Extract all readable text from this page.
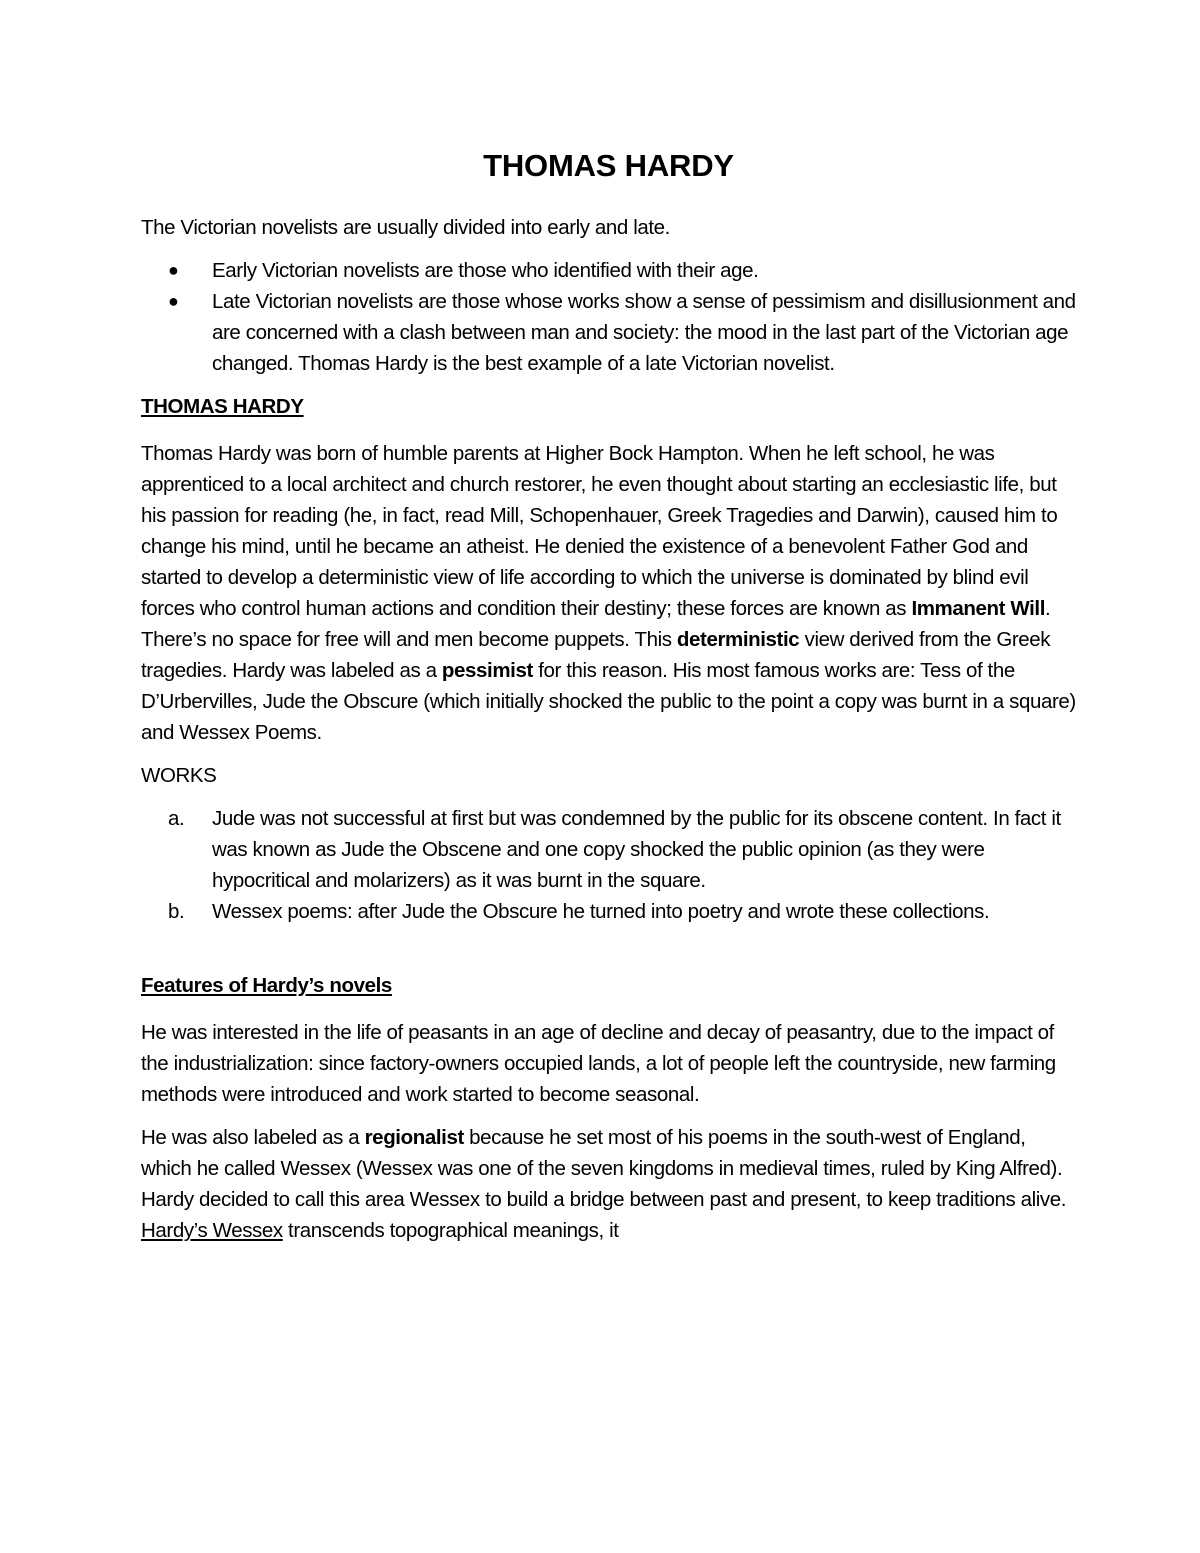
THOMAS HARDY

The Victorian novelists are usually divided into early and late.

●	Early Victorian novelists are those who identified with their age.
●	Late Victorian novelists are those whose works show a sense of pessimism and disillusionment and are concerned with a clash between man and society: the mood in the last part of the Victorian age changed. Thomas Hardy is the best example of a late Victorian novelist.

THOMAS HARDY

Thomas Hardy was born of humble parents at Higher Bock Hampton. When he left school, he was apprenticed to a local architect and church restorer, he even thought about starting an ecclesiastic life, but his passion for reading (he, in fact, read Mill, Schopenhauer, Greek Tragedies and Darwin), caused him to change his mind, until he became an atheist. He denied the existence of a benevolent Father God and started to develop a deterministic view of life according to which the universe is dominated by blind evil forces who control human actions and condition their destiny; these forces are known as Immanent Will. There’s no space for free will and men become puppets. This deterministic view derived from the Greek tragedies. Hardy was labeled as a pessimist for this reason. His most famous works are: Tess of the D’Urbervilles, Jude the Obscure (which initially shocked the public to the point a copy was burnt in a square) and Wessex Poems.

WORKS

a.	Jude was not successful at first but was condemned by the public for its obscene content. In fact it was known as Jude the Obscene and one copy shocked the public opinion (as they were hypocritical and molarizers) as it was burnt in the square.
b.	Wessex poems: after Jude the Obscure he turned into poetry and wrote these collections.

Features of Hardy’s novels

He was interested in the life of peasants in an age of decline and decay of peasantry, due to the impact of the industrialization: since factory-owners occupied lands, a lot of people left the countryside, new farming methods were introduced and work started to become seasonal.

He was also labeled as a regionalist because he set most of his poems in the south-west of England, which he called Wessex (Wessex was one of the seven kingdoms in medieval times, ruled by King Alfred). Hardy decided to call this area Wessex to build a bridge between past and present, to keep traditions alive. Hardy’s Wessex transcends topographical meanings, it
